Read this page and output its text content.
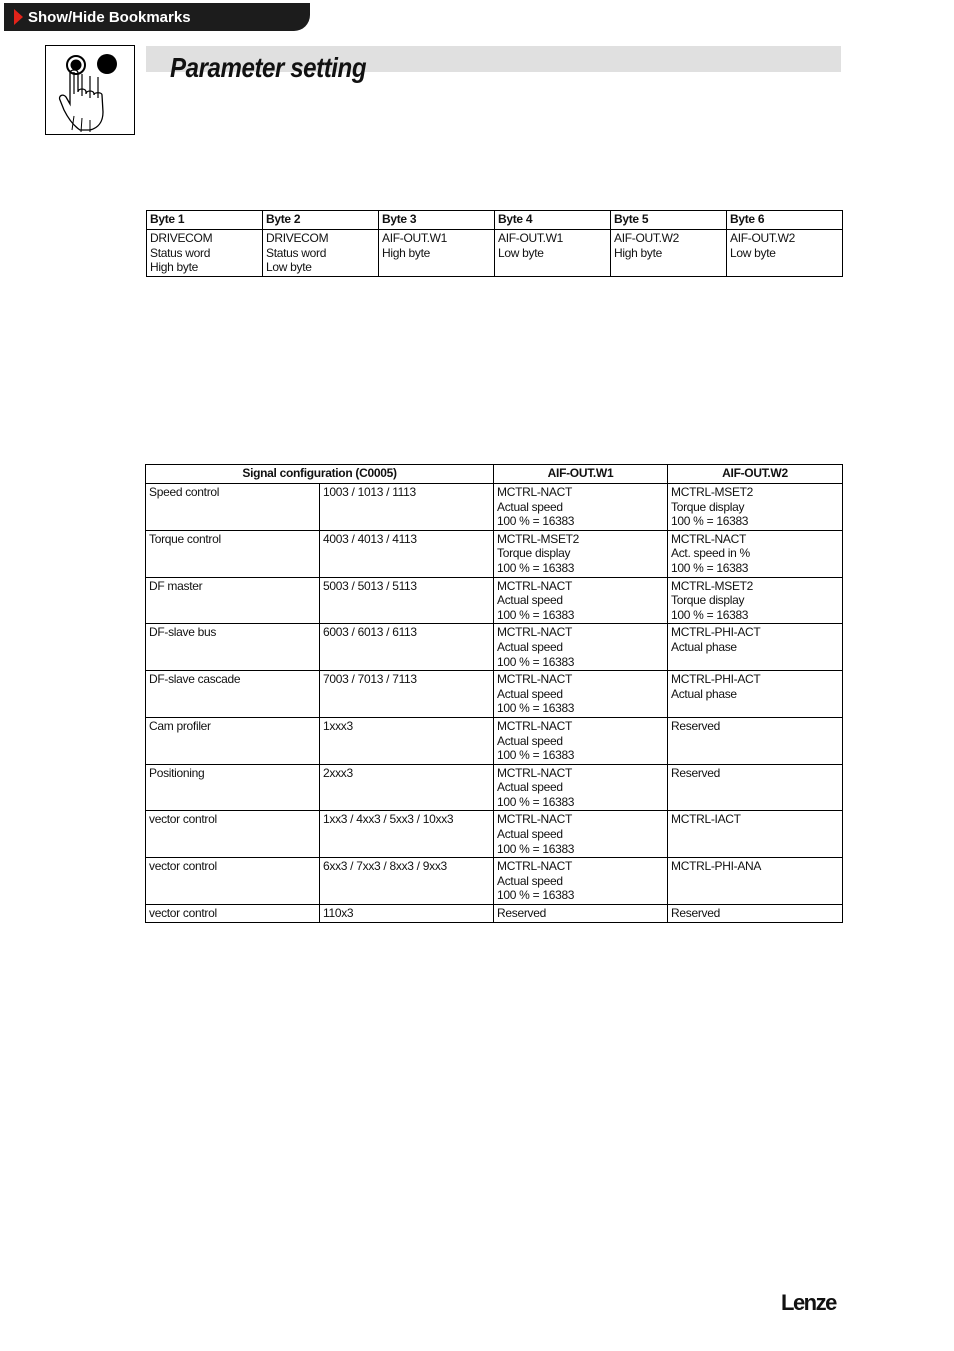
Show/Hide Bookmarks
Parameter setting
Byte 1	Byte 2	Byte 3	Byte 4	Byte 5	Byte 6
DRIVECOM
Status word
High byte	DRIVECOM
Status word
Low byte	AIF-OUT.W1
High byte	AIF-OUT.W1
Low byte	AIF-OUT.W2
High byte	AIF-OUT.W2
Low byte
Signal configuration (C0005)		AIF-OUT.W1	AIF-OUT.W2
Speed control	1003 / 1013 / 1113	MCTRL-NACT
Actual speed
100 % = 16383	MCTRL-MSET2
Torque display
100 % = 16383
Torque control	4003 / 4013 / 4113	MCTRL-MSET2
Torque display
100 % = 16383	MCTRL-NACT
Act. speed in %
100 % = 16383
DF master	5003 / 5013 / 5113	MCTRL-NACT
Actual speed
100 % = 16383	MCTRL-MSET2
Torque display
100 % = 16383
DF-slave bus	6003 / 6013 / 6113	MCTRL-NACT
Actual speed
100 % = 16383	MCTRL-PHI-ACT
Actual phase
DF-slave cascade	7003 / 7013 / 7113	MCTRL-NACT
Actual speed
100 % = 16383	MCTRL-PHI-ACT
Actual phase
Cam profiler	1xxx3	MCTRL-NACT
Actual speed
100 % = 16383	Reserved
Positioning	2xxx3	MCTRL-NACT
Actual speed
100 % = 16383	Reserved
vector control	1xx3 / 4xx3 / 5xx3 / 10xx3	MCTRL-NACT
Actual speed
100 % = 16383	MCTRL-IACT
vector control	6xx3 / 7xx3 / 8xx3 / 9xx3	MCTRL-NACT
Actual speed
100 % = 16383	MCTRL-PHI-ANA
vector control	110x3	Reserved	Reserved
Lenze
